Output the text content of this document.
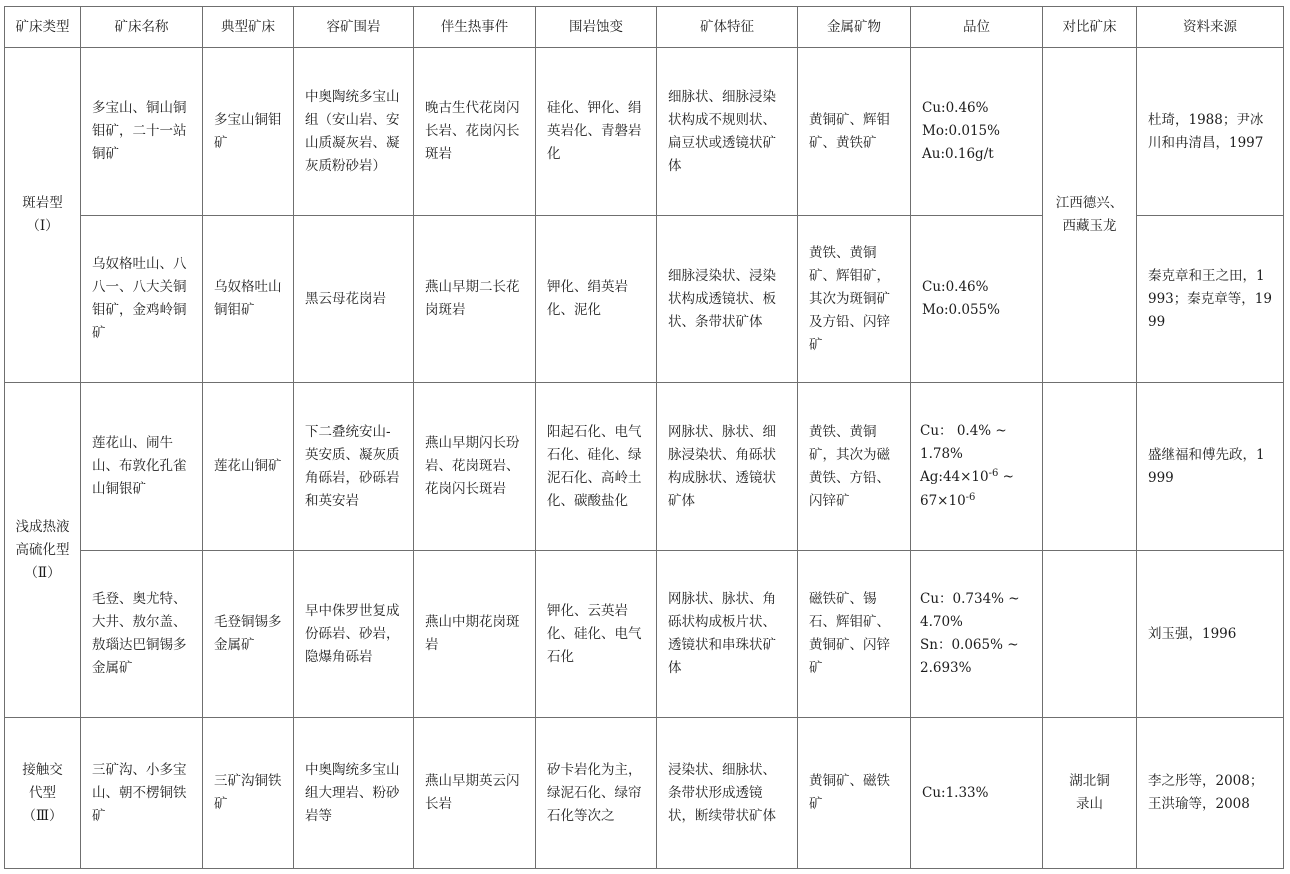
矿床类型	矿床名称	典型矿床	容矿围岩	伴生热事件	围岩蚀变	矿体特征	金属矿物	品位	对比矿床	资料来源

斑岩型
（Ⅰ）	多宝山、铜山铜钼矿，二十一站铜矿	多宝山铜钼矿	中奥陶统多宝山组（安山岩、安山质凝灰岩、凝灰质粉砂岩）	晚古生代花岗闪长岩、花岗闪长斑岩	硅化、钾化、绢英岩化、青磐岩化	细脉状、细脉浸染状构成不规则状、扁豆状或透镜状矿体	黄铜矿、辉钼矿、黄铁矿	Cu:0.46%
Mo:0.015%
Au:0.16g/t	江西德兴、
西藏玉龙	杜琦，1988；尹冰川和冉清昌，1997
	乌奴格吐山、八八一、八大关铜钼矿，金鸡岭铜矿	乌奴格吐山铜钼矿	黑云母花岗岩	燕山早期二长花岗斑岩	钾化、绢英岩化、泥化	细脉浸染状、浸染状构成透镜状、板状、条带状矿体	黄铁、黄铜矿、辉钼矿，其次为斑铜矿及方铅、闪锌矿	Cu:0.46%
Mo:0.055%		秦克章和王之田，1993；秦克章等，1999

浅成热液
高硫化型
（Ⅱ）	莲花山、闹牛山、布敦化孔雀山铜银矿	莲花山铜矿	下二叠统安山-英安质、凝灰质角砾岩，砂砾岩和英安岩	燕山早期闪长玢岩、花岗斑岩、花岗闪长斑岩	阳起石化、电气石化、硅化、绿泥石化、高岭土化、碳酸盐化	网脉状、脉状、细脉浸染状、角砾状构成脉状、透镜状矿体	黄铁、黄铜矿，其次为磁黄铁、方铅、闪锌矿	Cu： 0.4% ~
1.78%
$Ag:44\times 10^{-6}$ ~
$67\times 10^{-6}$		盛继福和傅先政，1999
	毛登、奥尤特、大井、敖尔盖、敖瑙达巴铜锡多金属矿	毛登铜锡多金属矿	早中侏罗世复成份砾岩、砂岩，隐爆角砾岩	燕山中期花岗斑岩	钾化、云英岩化、硅化、电气石化	网脉状、脉状、角砾状构成板片状、透镜状和串珠状矿体	磁铁矿、锡石、辉钼矿、黄铜矿、闪锌矿	Cu：0.734% ~
4.70%
Sn：0.065% ~
2.693%		刘玉强，1996

接触交
代型
（Ⅲ）	三矿沟、小多宝山、朝不楞铜铁矿	三矿沟铜铁矿	中奥陶统多宝山组大理岩、粉砂岩等	燕山早期英云闪长岩	矽卡岩化为主，绿泥石化、绿帘石化等次之	浸染状、细脉状、条带状形成透镜状，断续带状矿体	黄铜矿、磁铁矿	Cu:1.33%	湖北铜
录山	李之彤等，2008；王洪瑜等，2008
